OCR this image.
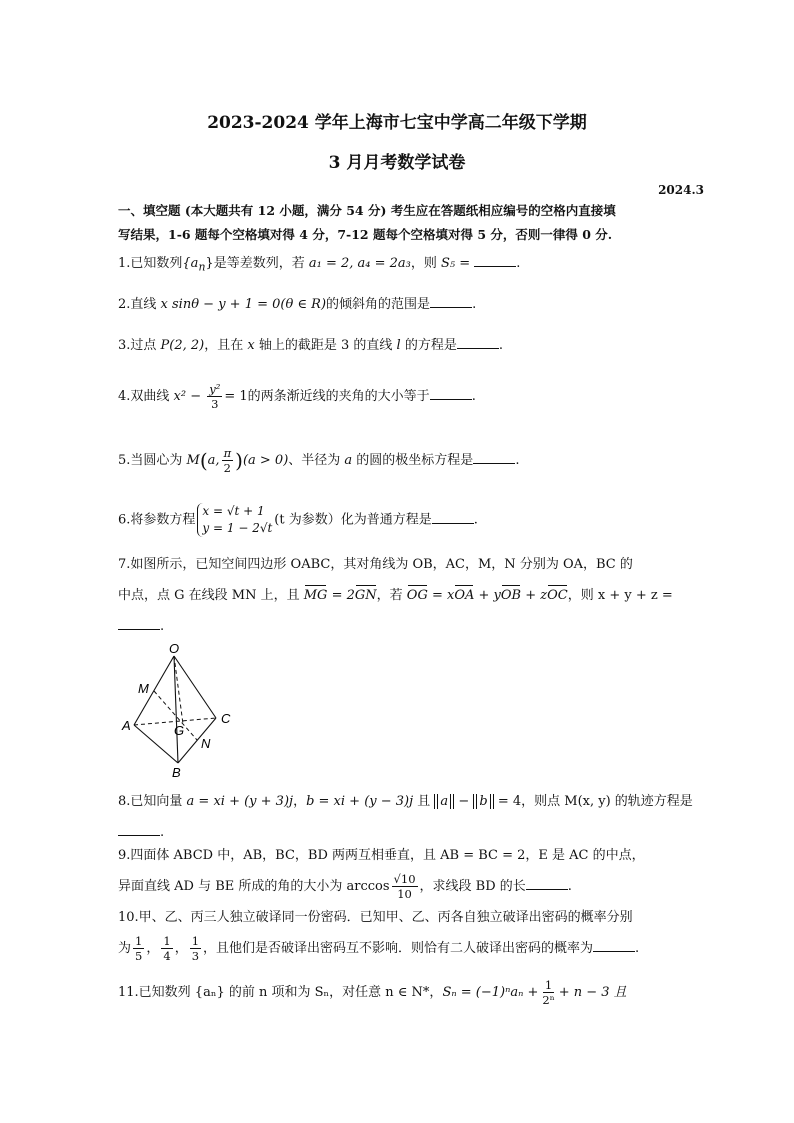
2023-2024 学年上海市七宝中学高二年级下学期
3 月月考数学试卷
2024.3
一、填空题 (本大题共有 12 小题，满分 54 分) 考生应在答题纸相应编号的空格内直接填
写结果，1-6 题每个空格填对得 4 分，7-12 题每个空格填对得 5 分，否则一律得 0 分.
1.已知数列$\{a_n\}$是等差数列，若 a₁ = 2, a₄ = 2a₃，则 S₅ =	.
2.直线 x sinθ − y + 1 = 0(θ ∈ R)的倾斜角的范围是	.
3.过点 P(2, 2)，且在 x 轴上的截距是 3 的直线 l 的方程是	.
4.双曲线 $x^2 - \frac{\text{y²}}{3} = 1$的两条渐近线的夹角的大小等于	.
5.当圆心为 M(a, $\frac{\pi}{2} )(a > 0)$、半径为 a 的圆的极坐标方程是	.
6.将参数方程
x = √t + 1
y = 1 − 2√t
(t 为参数）化为普通方程是	.
7.如图所示，已知空间四边形 OABC，其对角线为 OB，AC，M，N 分别为 OA，BC 的
中点，点 G 在线段 MN 上，且 MG = 2GN，若 OG = xOA + yOB + zOC，则 x + y + z =
.
O
M
A	G
C
N
B
8.已知向量 a = xi + (y + 3)j，b = xi + (y − 3)j 且 a − b = 4，则点 M(x, y) 的轨迹方程是
.
9.四面体 ABCD 中，AB，BC，BD 两两互相垂直，且 AB = BC = 2，E 是 AC 的中点，
异面直线 AD 与 BE 所成的角的大小为 $\arccos \frac{√10}{10}$ ，求线段 BD 的长	.
10.甲、乙、丙三人独立破译同一份密码．已知甲、乙、丙各自独立破译出密码的概率分别
为 $\frac{1}{5}$ ， $\frac{1}{4}$ ， $\frac{1}{3}$ ，且他们是否破译出密码互不影响．则恰有二人破译出密码的概率为	.
11.已知数列 {aₙ} 的前 n 项和为 Sₙ，对任意 n ∈ N*，$S_n = (-1)^na_n + \frac{1}{\text{2ⁿ}} + n - 3$ 且
